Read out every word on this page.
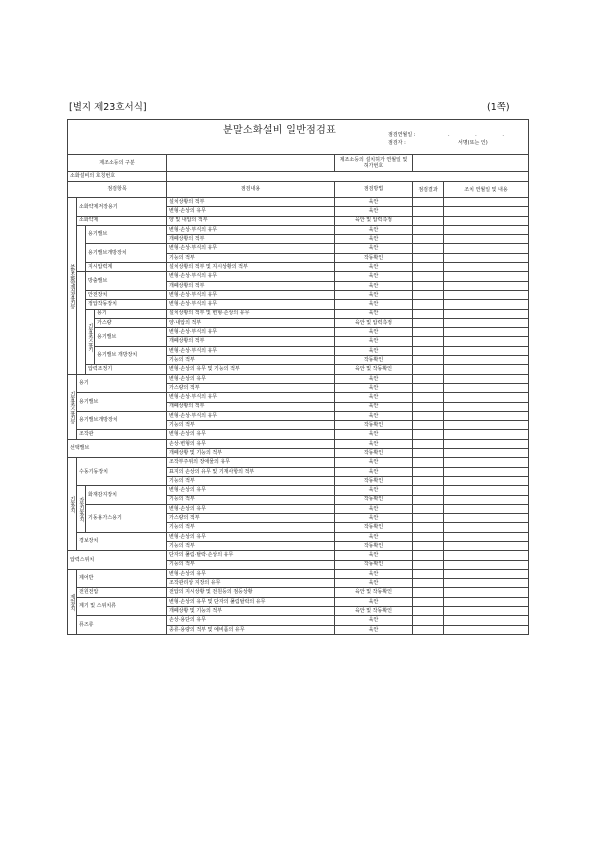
[별지 제23호서식]	(1쪽)
분말소화설비 일반점검표 점검연월일 : . . .
점검자 : 서명(또는 인)							

제조소등의 구분					제조소등의 설치허가 연월일 및 허가번호		
소화설비의 호칭번호							
점검항목				점검내용	점검방법	점검결과	조치 연월일 및 내용
분말소화약제저장용기등	소화약제저장용기			설치상황의 적부	육안		
				변형·손상의 유무	육안		
	소화약제			양 및 내압의 적부	육안 및 압력측정		
		용기밸브		변형·손상·부식의 유무	육안		
				개폐상황의 적부	육안		
		용기밸브개방장치		변형·손상·부식의 유무	육안		
				기능의 적부	작동확인		
		지시압력계		설치상황의 적부 및 지시상황의 적부	육안		
		방출밸브		변형·손상·부식의 유무	육안		
				개폐상황의 적부	육안		
		안전장치		변형·손상·부식의 유무	육안		
		정압작동장치		변형·손상·부식의 유무	육안		
		기동용가스용기	용기	설치상황의 적부 및 변형·손상의 유무	육안		
			가스량	양·내압의 적부	육안 및 압력측정		
			용기밸브	변형·손상·부식의 유무	육안		
				개폐상황의 적부	육안		
			용기밸브 개방장치	변형·손상·부식의 유무	육안		
				기능의 적부	작동확인		
		압력조정기		변형·손상의 유무 및 기능의 적부	육안 및 작동확인		
기동용가스용기등	용기			변형·손상의 유무	육안		
				가스량의 적부	육안		
	용기밸브			변형·손상·부식의 유무	육안		
				개폐상황의 적부	육안		
	용기밸브개방장치			변형·손상·부식의 유무	육안		
				기능의 적부	작동확인		
	조작관			변형·손상의 유무	육안		
선택밸브				손상·변형의 유무	육안		
				개폐상황 및 기능의 적부	작동확인		
기동장치	수동기동장치			조작부주위의 장애물의 유무	육안		
				표지의 손상의 유무 및 기재사항의 적부	육안		
				기능의 적부	작동확인		
	자동기동장치	화재감지장치		변형·손상의 유무	육안		
				기능의 적부	작동확인		
		기동용가스용기		변형·손상의 유무	육안		
				가스량의 적부	육안		
				기능의 적부	작동확인		
	경보장치			변형·손상의 유무	육안		
				기능의 적부	작동확인		
압력스위치				단자의 풀림·탈락·손상의 유무	육안		
				기능의 적부	작동확인		
제어장치	제어반			변형·손상의 유무	육안		
				조작관리상 지장의 유무	육안		
	전원전압			전압의 지시상황 및 전원등의 점등상황	육안 및 작동확인		
	계기 및 스위치류			변형·손상의 유무 및 단자의 풀림탈락의 유무	육안		
				개폐상황 및 기능의 적부	육안 및 작동확인		
	퓨즈류			손상·용단의 유무	육안		
				종류·용량의 적부 및 예비품의 유무	육안		
